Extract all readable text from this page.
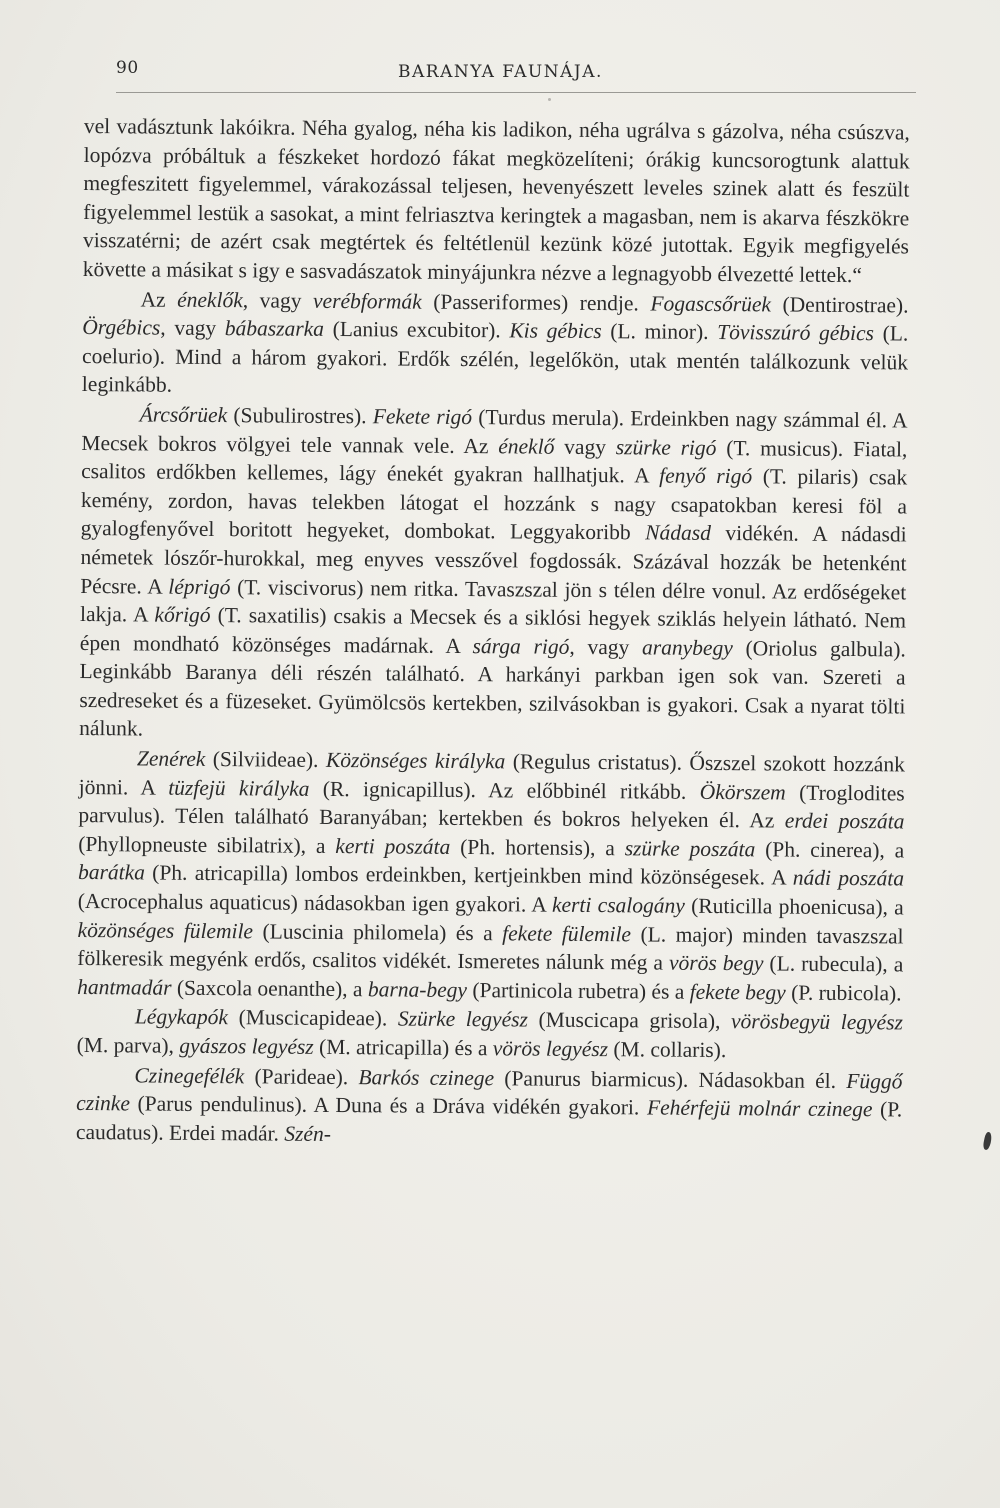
90	BARANYA FAUNÁJA.

vel vadásztunk lakóikra. Néha gyalog, néha kis ladikon, néha ugrálva s gázolva, néha csúszva, lopózva próbáltuk a fészkeket hordozó fákat megközelíteni; órákig kuncsorogtunk alattuk megfeszitett figyelemmel, várakozással teljesen, hevenyészett leveles szinek alatt és feszült figyelemmel lestük a sasokat, a mint felriasztva keringtek a magasban, nem is akarva fészkökre visszatérni; de azért csak megtértek és feltétlenül kezünk közé jutottak. Egyik megfigyelés követte a másikat s igy e sasvadászatok minyájunkra nézve a legnagyobb élvezetté lettek.“

Az éneklők, vagy verébformák (Passeriformes) rendje. Fogascsőrüek (Dentirostrae). Örgébics, vagy bábaszarka (Lanius excubitor). Kis gébics (L. minor). Tövisszúró gébics (L. coelurio). Mind a három gyakori. Erdők szélén, legelőkön, utak mentén találkozunk velük leginkább.

Árcsőrüek (Subulirostres). Fekete rigó (Turdus merula). Erdeinkben nagy számmal él. A Mecsek bokros völgyei tele vannak vele. Az éneklő vagy szürke rigó (T. musicus). Fiatal, csalitos erdőkben kellemes, lágy énekét gyakran hallhatjuk. A fenyő rigó (T. pilaris) csak kemény, zordon, havas telekben látogat el hozzánk s nagy csapatokban keresi föl a gyalogfenyővel boritott hegyeket, dombokat. Leggyakoribb Nádasd vidékén. A nádasdi németek lószőr-hurokkal, meg enyves vesszővel fogdossák. Százával hozzák be hetenként Pécsre. A léprigó (T. viscivorus) nem ritka. Tavaszszal jön s télen délre vonul. Az erdőségeket lakja. A kőrigó (T. saxatilis) csakis a Mecsek és a siklósi hegyek sziklás helyein látható. Nem épen mondható közönséges madárnak. A sárga rigó, vagy aranybegy (Oriolus galbula). Leginkább Baranya déli részén található. A harkányi parkban igen sok van. Szereti a szedreseket és a füzeseket. Gyümölcsös kertekben, szilvásokban is gyakori. Csak a nyarat tölti nálunk.

Zenérek (Silviideae). Közönséges királyka (Regulus cristatus). Őszszel szokott hozzánk jönni. A tüzfejü királyka (R. ignicapillus). Az előbbinél ritkább. Ökörszem (Troglodites parvulus). Télen található Baranyában; kertekben és bokros helyeken él. Az erdei poszáta (Phyllopneuste sibilatrix), a kerti poszáta (Ph. hortensis), a szürke poszáta (Ph. cinerea), a barátka (Ph. atricapilla) lombos erdeinkben, kertjeinkben mind közönségesek. A nádi poszáta (Acrocephalus aquaticus) nádasokban igen gyakori. A kerti csalogány (Ruticilla phoenicusa), a közönséges fülemile (Luscinia philomela) és a fekete fülemile (L. major) minden tavaszszal fölkeresik megyénk erdős, csalitos vidékét. Ismeretes nálunk még a vörös begy (L. rubecula), a hantmadár (Saxcola oenanthe), a barna-begy (Partinicola rubetra) és a fekete begy (P. rubicola).

Légykapók (Muscicapideae). Szürke legyész (Muscicapa grisola), vörösbegyü legyész (M. parva), gyászos legyész (M. atricapilla) és a vörös legyész (M. collaris).

Czinegefélék (Parideae). Barkós czinege (Panurus biarmicus). Nádasokban él. Függő czinke (Parus pendulinus). A Duna és a Dráva vidékén gyakori. Fehérfejü molnár czinege (P. caudatus). Erdei madár. Szén-
